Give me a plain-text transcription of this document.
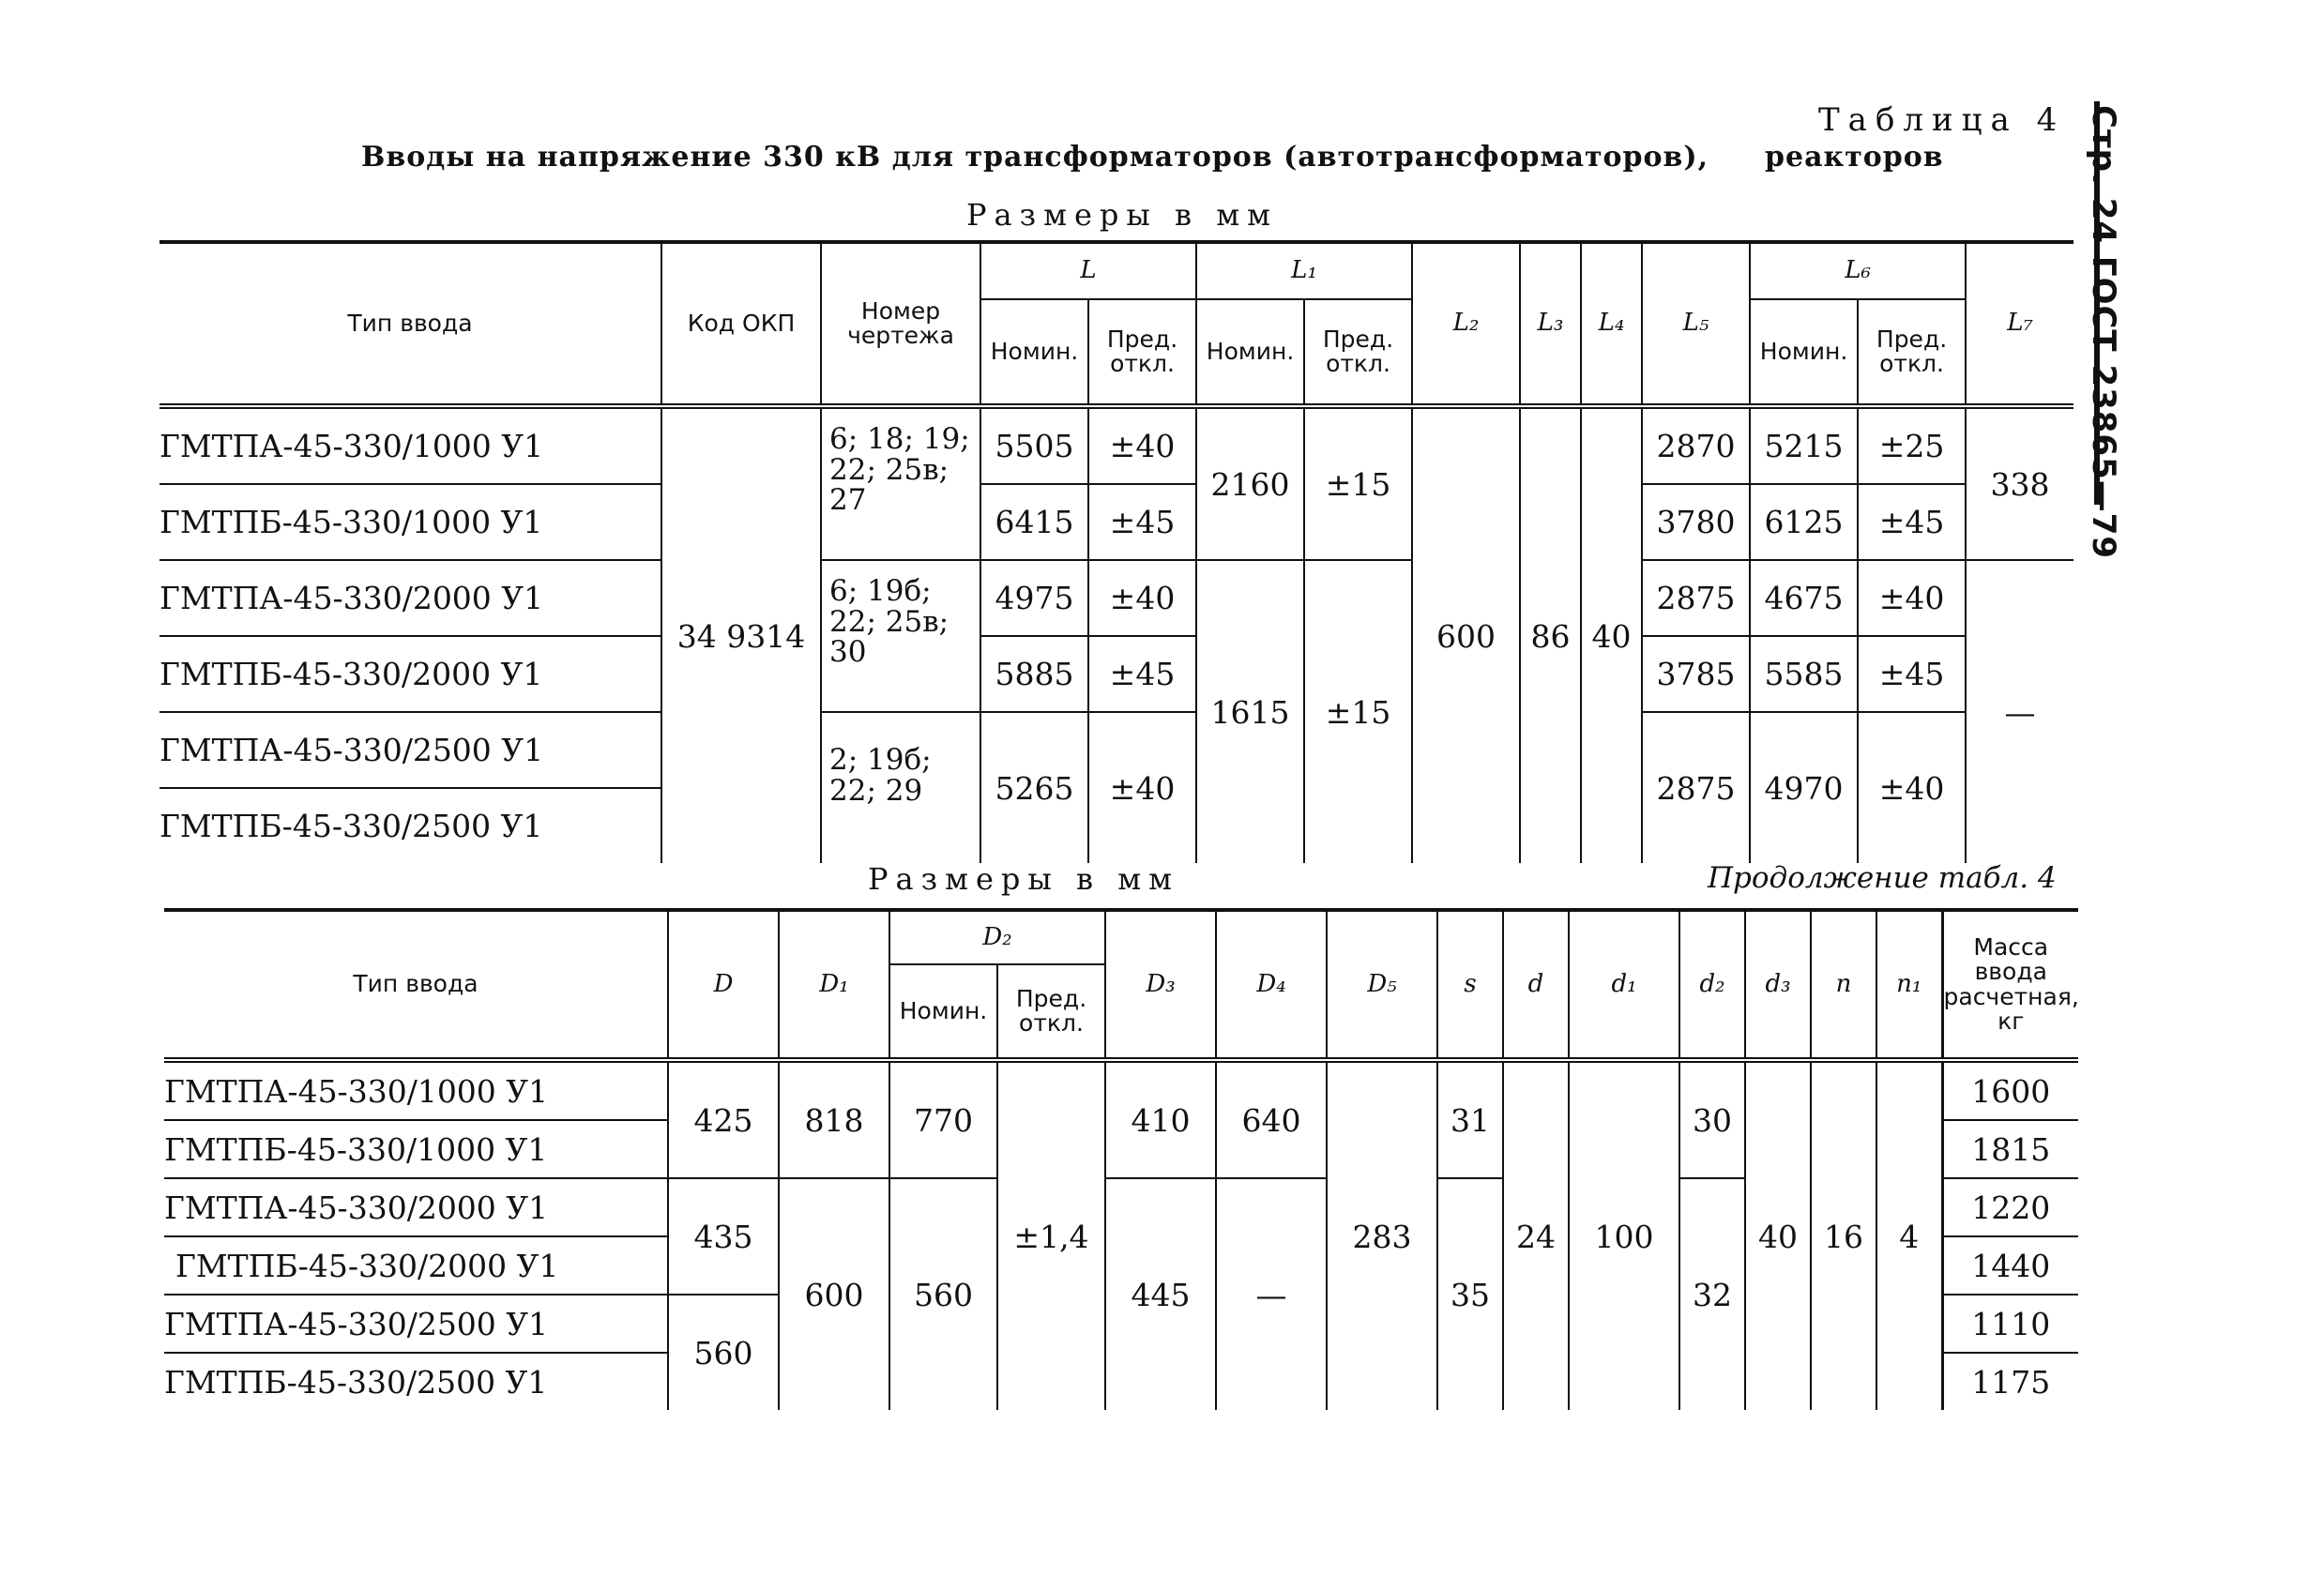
Стр. 24 ГОСТ 23865—79
Таблица 4
Вводы на напряжение 330 кВ для трансформаторов (автотрансформаторов), реакторов
Размеры в мм
Тип ввода	Код ОКП	Номер чертежа	L		L₁		L₂	L₃	L₄	L₅	L₆		L₇
			Номин.	Пред. откл.	Номин.	Пред. откл.					Номин.	Пред. откл.	
ГМТПА-45-330/1000 У1	34 9314	6; 18; 19; 22; 25в; 27	5505	±40	2160	±15	600	86	40	2870	5215	±25	338
ГМТПБ-45-330/1000 У1			6415	±45						3780	6125	±45	
ГМТПА-45-330/2000 У1		6; 19б; 22; 25в; 30	4975	±40	1615	±15				2875	4675	±40	—
ГМТПБ-45-330/2000 У1			5885	±45						3785	5585	±45	
ГМТПА-45-330/2500 У1		2; 19б; 22; 29	5265	±40						2875	4970	±40	
ГМТПБ-45-330/2500 У1													
Размеры в мм	Продолжение табл. 4
Тип ввода	D	D₁	D₂		D₃	D₄	D₅	s	d	d₁	d₂	d₃	n	n₁	Масса ввода расчетная, кг
			Номин.	Пред. откл.											
ГМТПА-45-330/1000 У1	425	818	770	±1,4	410	640	283	31	24	100	30	40	16	4	1600
ГМТПБ-45-330/1000 У1															1815
ГМТПА-45-330/2000 У1	435	600	560		445	—		35			32				1220
ГМТПБ-45-330/2000 У1															1440
ГМТПА-45-330/2500 У1	560														1110
ГМТПБ-45-330/2500 У1															1175
